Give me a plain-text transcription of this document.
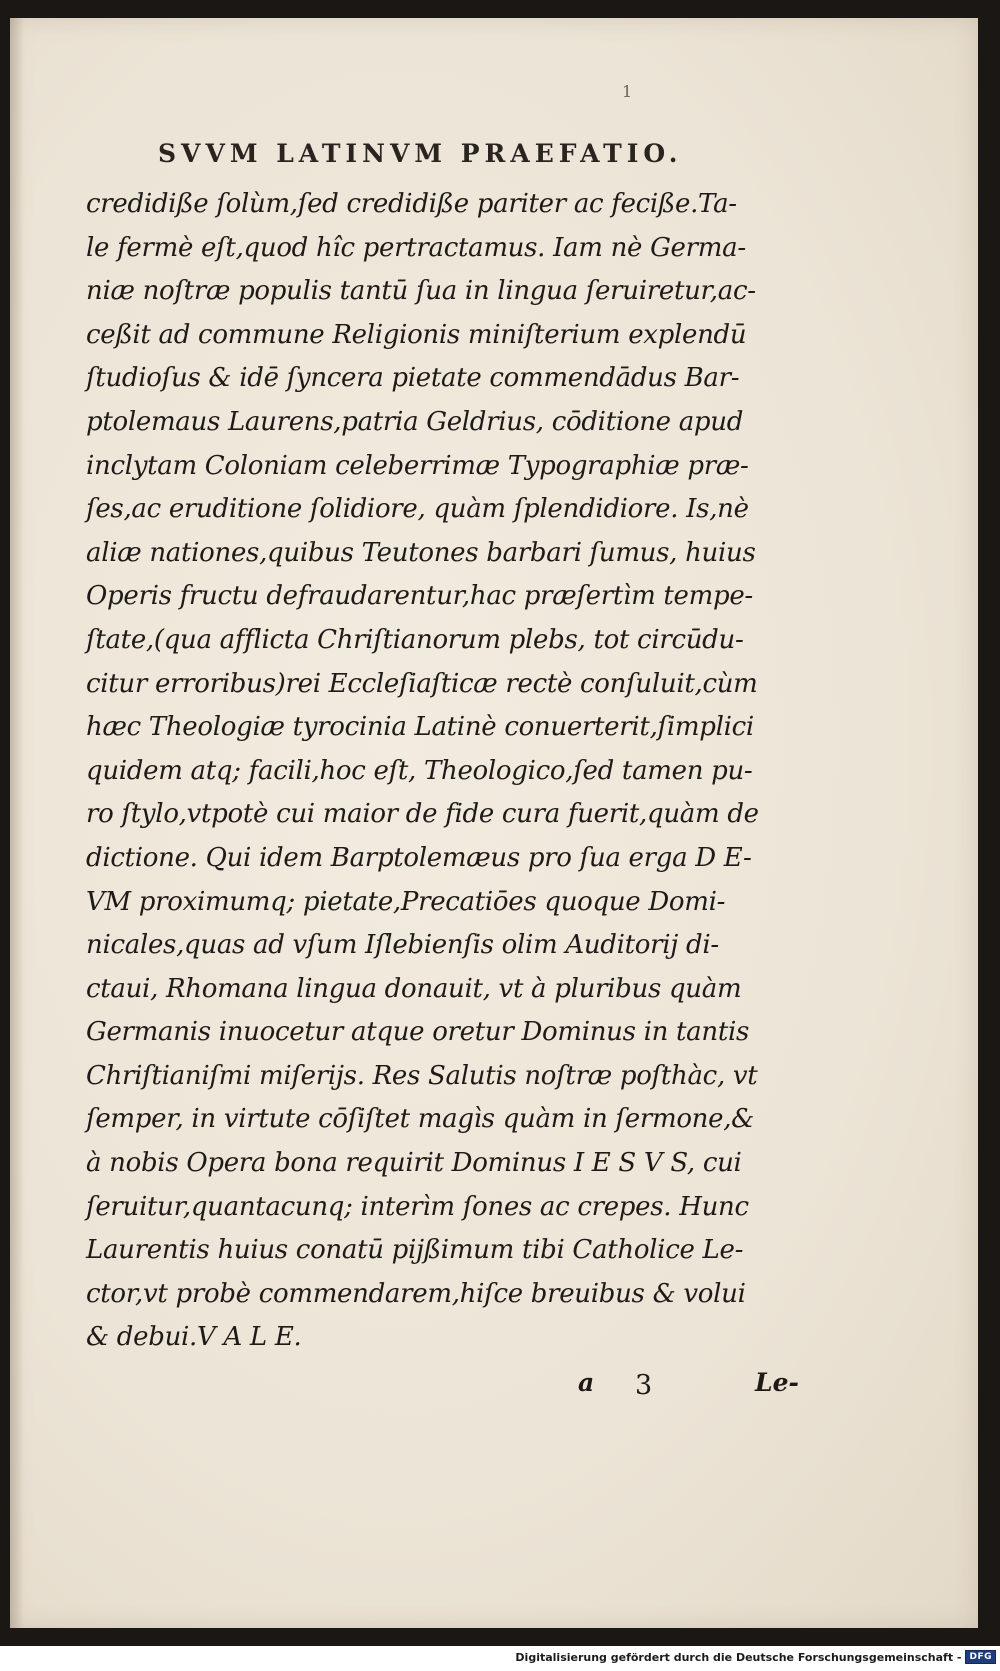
1

SVVM LATINVM PRAEFATIO.

credidiße ſolùm,ſed credidiße pariter ac feciße.Ta-
le fermè eſt,quod hîc pertractamus. Iam nè Germa-
niæ noſtræ populis tantū ſua in lingua ſeruiretur,ac-
ceßit ad commune Religionis miniſterium explendū
ſtudioſus & idē ſyncera pietate commendādus Bar-
ptolemaus Laurens,patria Geldrius, cōditione apud
inclytam Coloniam celeberrimæ Typographiæ præ-
ſes,ac eruditione ſolidiore, quàm ſplendidiore. Is,nè
aliæ nationes,quibus Teutones barbari ſumus, huius
Operis fructu defraudarentur,hac præſertìm tempe-
ſtate,(qua afflicta Chriſtianorum plebs, tot circūdu-
citur erroribus)rei Eccleſiaſticæ rectè conſuluit,cùm
hæc Theologiæ tyrocinia Latinè conuerterit,ſimplici
quidem atq; facili,hoc eſt, Theologico,ſed tamen pu-
ro ſtylo,vtpotè cui maior de fide cura fuerit,quàm de
dictione. Qui idem Barptolemæus pro ſua erga D E-
VM proximumq; pietate,Precatiōes quoque Domi-
nicales,quas ad vſum Iſlebienſis olim Auditorij di-
ctaui, Rhomana lingua donauit, vt à pluribus quàm
Germanis inuocetur atque oretur Dominus in tantis
Chriſtianiſmi miſerijs. Res Salutis noſtræ poſthàc, vt
ſemper, in virtute cōſiſtet magìs quàm in ſermone,&
à nobis Opera bona requirit Dominus I E S V S, cui
ſeruitur,quantacunq; interìm ſones ac crepes. Hunc
Laurentis huius conatū pijßimum tibi Catholice Le-
ctor,vt probè commendarem,hiſce breuibus & volui
& debui.V A L E.
a 3	Le-
Digitalisierung gefördert durch die Deutsche Forschungsgemeinschaft - DFG
